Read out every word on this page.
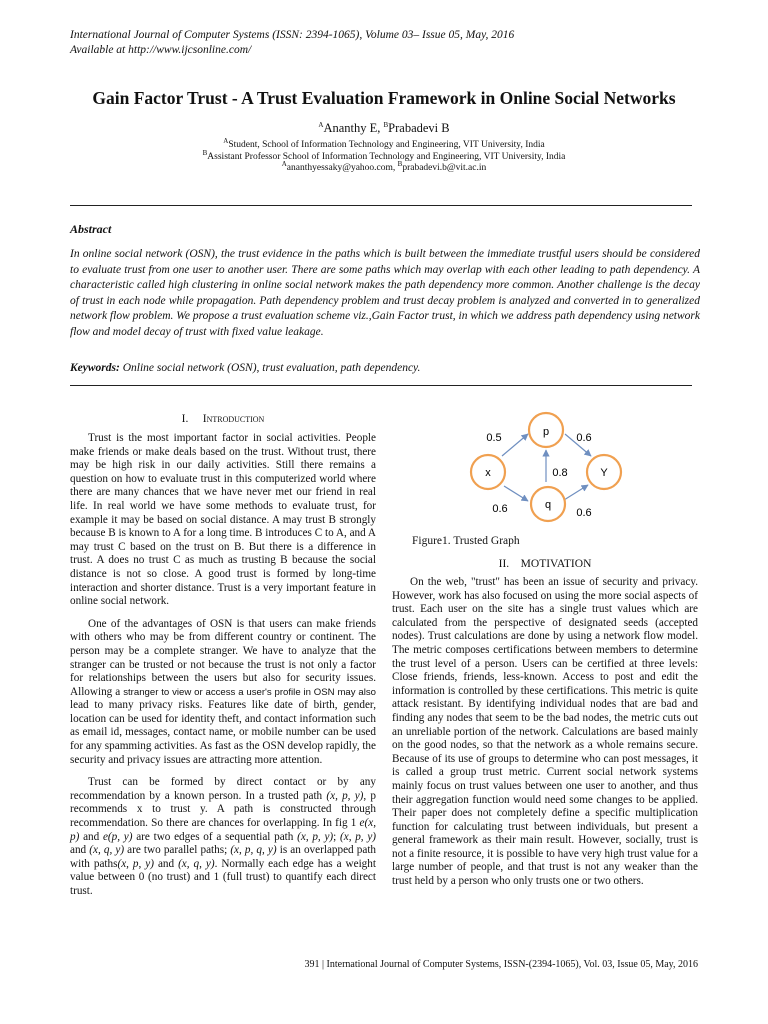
International Journal of Computer Systems (ISSN: 2394-1065), Volume 03– Issue 05, May, 2016
Available at http://www.ijcsonline.com/
Gain Factor Trust - A Trust Evaluation Framework in Online Social Networks
$^A$Ananthy E, $^B$Prabadevi B
$^A$Student, School of Information Technology and Engineering, VIT University, India
$^B$Assistant Professor School of Information Technology and Engineering, VIT University, India
$^A$ananthyessaky@yahoo.com, $^B$prabadevi.b@vit.ac.in
Abstract
In online social network (OSN), the trust evidence in the paths which is built between the immediate trustful users should be considered to evaluate trust from one user to another user. There are some paths which may overlap with each other leading to path dependency. A characteristic called high clustering in online social network makes the path dependency more common. Another challenge is the decay of trust in each node while propagation. Path dependency problem and trust decay problem is analyzed and converted in to generalized network flow problem. We propose a trust evaluation scheme viz.,Gain Factor trust, in which we address path dependency using network flow and model decay of trust with fixed value leakage.
Keywords: Online social network (OSN), trust evaluation, path dependency.
I. Introduction

Trust is the most important factor in social activities. People make friends or make deals based on the trust. Without trust, there may be high risk in our daily activities. Still there remains a question on how to evaluate trust in this computerized world where there are many chances that we have never met our friend in real life. In real world we have some methods to evaluate trust, for example it may be based on social distance. A may trust B strongly because B is known to A for a long time. B introduces C to A, and A may trust C based on the trust on B. But there is a difference in trust. A does no trust C as much as trusting B because the social distance is not so close. A good trust is formed by long-time interaction and shorter distance. Trust is a very important feature in online social network.

One of the advantages of OSN is that users can make friends with others who may be from different country or continent. The person may be a complete stranger. We have to analyze that the stranger can be trusted or not because the trust is not only a factor for relationships between the users but also for security issues. Allowing a stranger to view or access a user's profile in OSN may also lead to many privacy risks. Features like date of birth, gender, location can be used for identity theft, and contact information such as email id, messages, contact name, or mobile number can be used for any spamming activities. As fast as the OSN develop rapidly, the security and privacy issues are attracting more attention.

Trust can be formed by direct contact or by any recommendation by a known person. In a trusted path (x, p, y), p recommends x to trust y. A path is constructed through recommendation. So there are chances for overlapping. In fig 1 e(x, p) and e(p, y) are two edges of a sequential path (x, p, y); (x, p, y) and (x, q, y) are two parallel paths; (x, p, q, y) is an overlapped path with paths(x, p, y) and (x, q, y). Normally each edge has a weight value between 0 (no trust) and 1 (full trust) to quantify each direct trust.

p
x	Y
q
0.5	0.6
0.8
0.6	0.6
Figure1. Trusted Graph
II. MOTIVATION

On the web, "trust" has been an issue of security and privacy. However, work has also focused on using the more social aspects of trust. Each user on the site has a single trust values which are calculated from the perspective of designated seeds (accepted nodes). Trust calculations are done by using a network flow model. The metric composes certifications between members to determine the trust level of a person. Users can be certified at three levels: Close friends, friends, less-known. Access to post and edit the information is controlled by these certifications. This metric is quite attack resistant. By identifying individual nodes that are bad and finding any nodes that seem to be the bad nodes, the metric cuts out an unreliable portion of the network. Calculations are based mainly on the good nodes, so that the network as a whole remains secure. Because of its use of groups to determine who can post messages, it is called a group trust metric. Current social network systems mainly focus on trust values between one user to another, and thus their aggregation function would need some changes to be applied. Their paper does not completely define a specific multiplication function for calculating trust between individuals, but present a general framework as their main result. However, socially, trust is not a finite resource, it is possible to have very high trust value for a large number of people, and that trust is not any weaker than the trust held by a person who only trusts one or two others.

391 | International Journal of Computer Systems, ISSN-(2394-1065), Vol. 03, Issue 05, May, 2016
